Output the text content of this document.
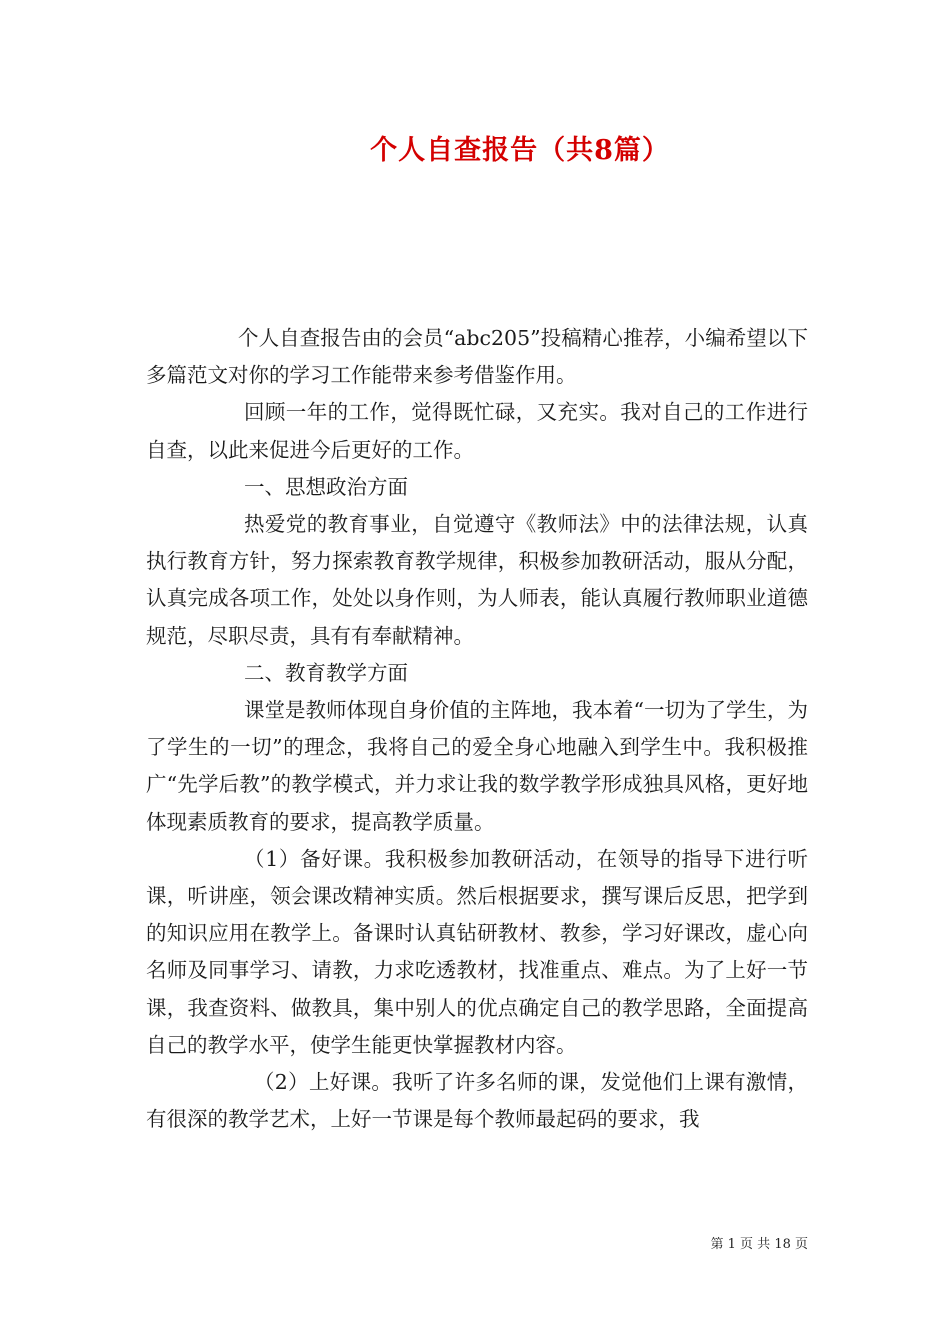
个人自查报告（共8篇）

个人自查报告由的会员“abc205”投稿精心推荐，小编希望以下多篇范文对你的学习工作能带来参考借鉴作用。

回顾一年的工作，觉得既忙碌，又充实。我对自己的工作进行自查，以此来促进今后更好的工作。

一、思想政治方面

热爱党的教育事业，自觉遵守《教师法》中的法律法规，认真执行教育方针，努力探索教育教学规律，积极参加教研活动，服从分配，认真完成各项工作，处处以身作则，为人师表，能认真履行教师职业道德规范，尽职尽责，具有有奉献精神。

二、教育教学方面

课堂是教师体现自身价值的主阵地，我本着“一切为了学生，为了学生的一切”的理念，我将自己的爱全身心地融入到学生中。我积极推广“先学后教”的教学模式，并力求让我的数学教学形成独具风格，更好地体现素质教育的要求，提高教学质量。

（1）备好课。我积极参加教研活动，在领导的指导下进行听课，听讲座，领会课改精神实质。然后根据要求，撰写课后反思，把学到的知识应用在教学上。备课时认真钻研教材、教参，学习好课改，虚心向名师及同事学习、请教，力求吃透教材，找准重点、难点。为了上好一节课，我查资料、做教具，集中别人的优点确定自己的教学思路，全面提高自己的教学水平，使学生能更快掌握教材内容。

（2）上好课。我听了许多名师的课，发觉他们上课有激情，有很深的教学艺术，上好一节课是每个教师最起码的要求，我

第 1 页 共 18 页
